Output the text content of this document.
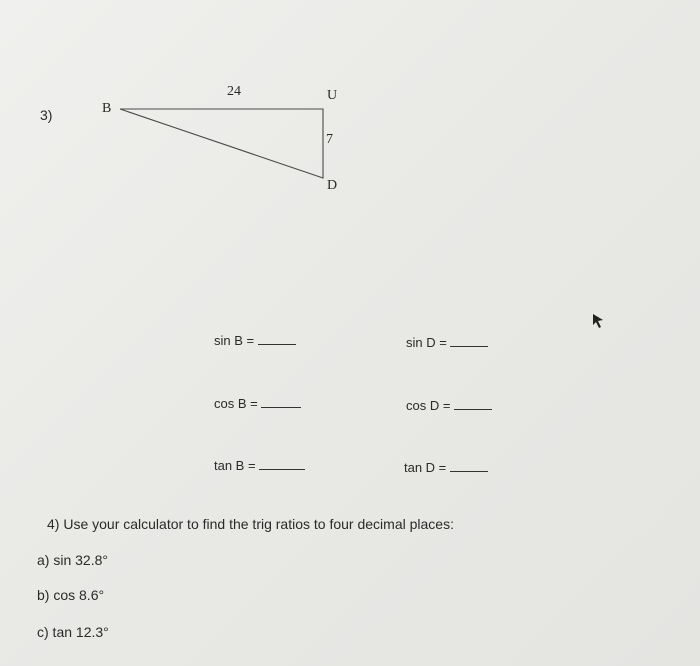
3)	B
U
D
24
7
sin B =
cos B =
tan B =
sin D =
cos D =
tan D =
4) Use your calculator to find the trig ratios to four decimal places:
a) sin 32.8°
b) cos 8.6°
c) tan 12.3°
